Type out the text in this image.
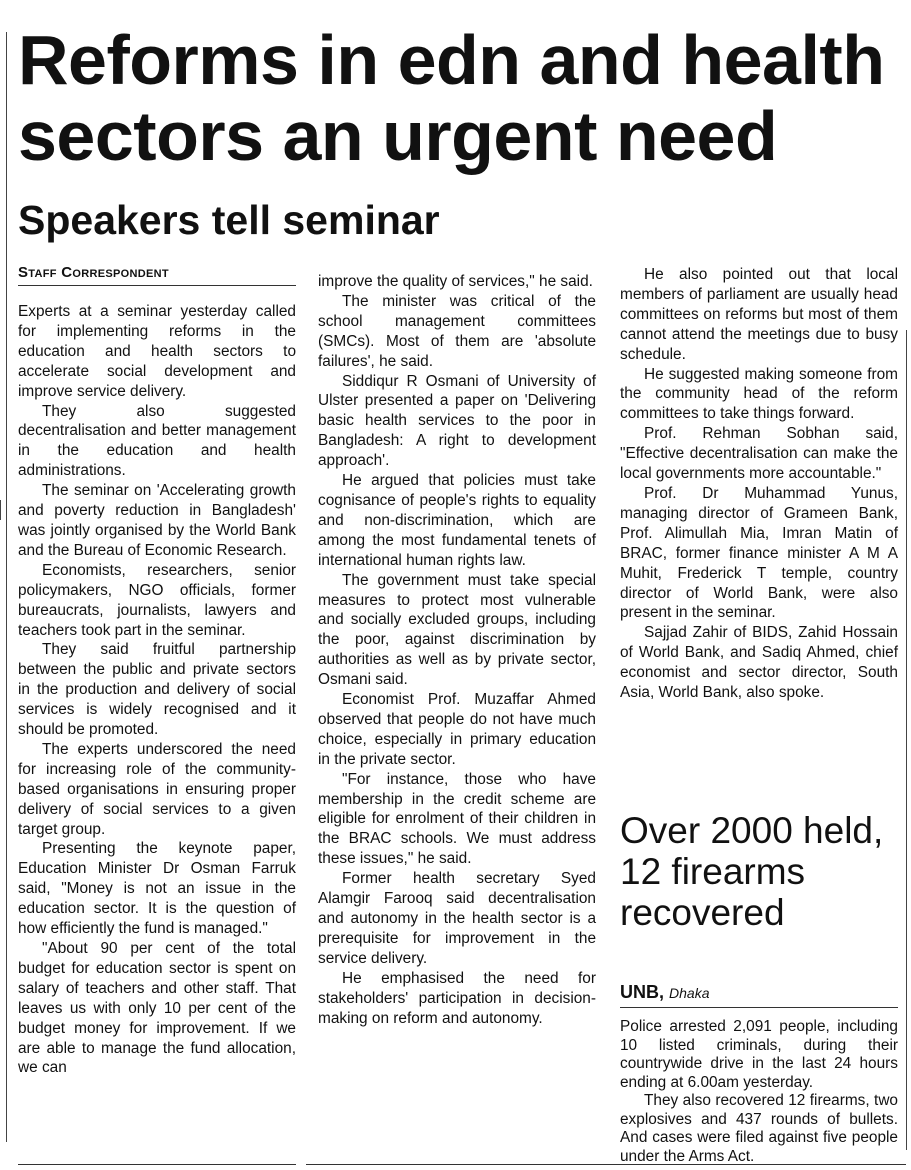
Reforms in edn and health sectors an urgent need
Speakers tell seminar
Staff Correspondent

Experts at a seminar yesterday called for implementing reforms in the education and health sectors to accelerate social development and improve service delivery.

They also suggested decentralisation and better management in the education and health administrations.

The seminar on 'Accelerating growth and poverty reduction in Bangladesh' was jointly organised by the World Bank and the Bureau of Economic Research.

Economists, researchers, senior policymakers, NGO officials, former bureaucrats, journalists, lawyers and teachers took part in the seminar.

They said fruitful partnership between the public and private sectors in the production and delivery of social services is widely recognised and it should be promoted.

The experts underscored the need for increasing role of the community-based organisations in ensuring proper delivery of social services to a given target group.

Presenting the keynote paper, Education Minister Dr Osman Farruk said, "Money is not an issue in the education sector. It is the question of how efficiently the fund is managed."

"About 90 per cent of the total budget for education sector is spent on salary of teachers and other staff. That leaves us with only 10 per cent of the budget money for improvement. If we are able to manage the fund allocation, we can

improve the quality of services," he said.

The minister was critical of the school management committees (SMCs). Most of them are 'absolute failures', he said.

Siddiqur R Osmani of University of Ulster presented a paper on 'Delivering basic health services to the poor in Bangladesh: A right to development approach'.

He argued that policies must take cognisance of people's rights to equality and non-discrimination, which are among the most fundamental tenets of international human rights law.

The government must take special measures to protect most vulnerable and socially excluded groups, including the poor, against discrimination by authorities as well as by private sector, Osmani said.

Economist Prof. Muzaffar Ahmed observed that people do not have much choice, especially in primary education in the private sector.

"For instance, those who have membership in the credit scheme are eligible for enrolment of their children in the BRAC schools. We must address these issues," he said.

Former health secretary Syed Alamgir Farooq said decentralisation and autonomy in the health sector is a prerequisite for improvement in the service delivery.

He emphasised the need for stakeholders' participation in decision-making on reform and autonomy.

He also pointed out that local members of parliament are usually head committees on reforms but most of them cannot attend the meetings due to busy schedule.

He suggested making someone from the community head of the reform committees to take things forward.

Prof. Rehman Sobhan said, "Effective decentralisation can make the local governments more accountable."

Prof. Dr Muhammad Yunus, managing director of Grameen Bank, Prof. Alimullah Mia, Imran Matin of BRAC, former finance minister A M A Muhit, Frederick T temple, country director of World Bank, were also present in the seminar.

Sajjad Zahir of BIDS, Zahid Hossain of World Bank, and Sadiq Ahmed, chief economist and sector director, South Asia, World Bank, also spoke.

Over 2000 held, 12 firearms recovered
UNB, Dhaka

Police arrested 2,091 people, including 10 listed criminals, during their countrywide drive in the last 24 hours ending at 6.00am yesterday.

They also recovered 12 firearms, two explosives and 437 rounds of bullets. And cases were filed against five people under the Arms Act.
